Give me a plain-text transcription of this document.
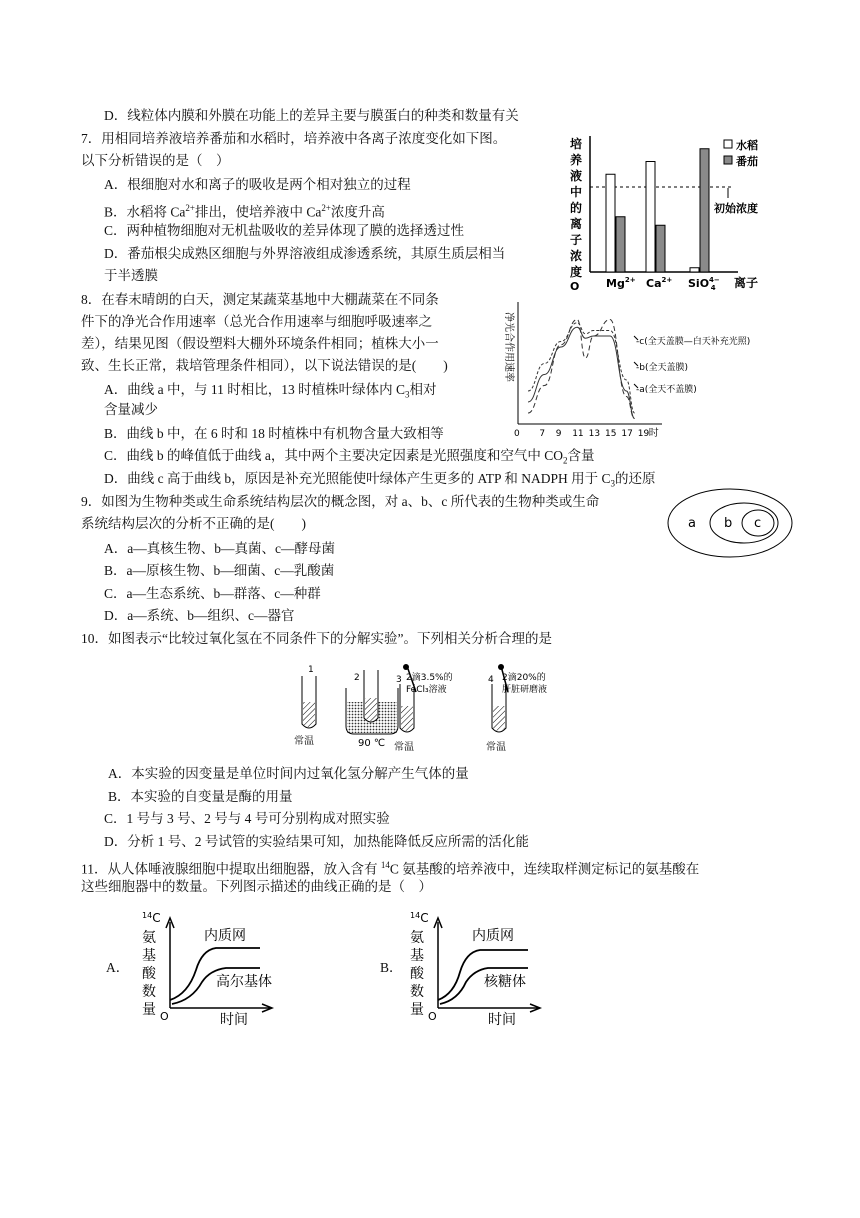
D．线粒体内膜和外膜在功能上的差异主要与膜蛋白的种类和数量有关
7．用相同培养液培养番茄和水稻时，培养液中各离子浓度变化如下图。
以下分析错误的是（　）
A．根细胞对水和离子的吸收是两个相对独立的过程
B．水稻将 $Ca^{2+}$排出，使培养液中 $Ca^{2+}$浓度升高
C．两种植物细胞对无机盐吸收的差异体现了膜的选择透过性
D．番茄根尖成熟区细胞与外界溶液组成渗透系统，其原生质层相当
于半透膜
培
养
液
中
的
离
子
浓
度
O
水稻
番茄
初始浓度
$Mg^{2+}$ $Ca^{2+}$ SiO$^{4-}$ 4	离子
8．在春末晴朗的白天，测定某蔬菜基地中大棚蔬菜在不同条
件下的净光合作用速率（总光合作用速率与细胞呼吸速率之
差），结果见图（假设塑料大棚外环境条件相同；植株大小一
致、生长正常，栽培管理条件相同），以下说法错误的是(　　)
A．曲线 a 中，与 11 时相比，13 时植株叶绿体内 $C_3$相对
含量减少
B．曲线 b 中，在 6 时和 18 时植株中有机物含量大致相等
C．曲线 b 的峰值低于曲线 a，其中两个主要决定因素是光照强度和空气中 $CO_2$含量
D．曲线 c 高于曲线 b，原因是补充光照能使叶绿体产生更多的 ATP 和 NADPH 用于 $C_3$的还原
净光合作用速率
0 7 9 11 13 15 17 19 时
-c(全天盖膜—白天补充光照)
-b(全天盖膜)
-a(全天不盖膜)
9．如图为生物种类或生命系统结构层次的概念图，对 a、b、c 所代表的生物种类或生命
系统结构层次的分析不正确的是(　　)
A．a—真核生物、b—真菌、c—酵母菌
B．a—原核生物、b—细菌、c—乳酸菌
C．a—生态系统、b—群落、c—种群
D．a—系统、b—组织、c—器官
a b c
10．如图表示“比较过氧化氢在不同条件下的分解实验”。下列相关分析合理的是
1
常温
2
90 ℃
3 2滴3.5%的
FeCl₃溶液
常温
4 2滴20%的
肝脏研磨液
常温
A．本实验的因变量是单位时间内过氧化氢分解产生气体的量
B．本实验的自变量是酶的用量
C．1 号与 3 号、2 号与 4 号可分别构成对照实验
D．分析 1 号、2 号试管的实验结果可知，加热能降低反应所需的活化能
11．从人体唾液腺细胞中提取出细胞器，放入含有 $^{14}$C 氨基酸的培养液中，连续取样测定标记的氨基酸在
这些细胞器中的数量。下列图示描述的曲线正确的是（　）
A．
$^{14}$C
氨
基
酸
数
量 O
内质网
高尔基体
时间
B．
$^{14}$C
氨
基
酸
数
量 O
内质网
核糖体
时间
